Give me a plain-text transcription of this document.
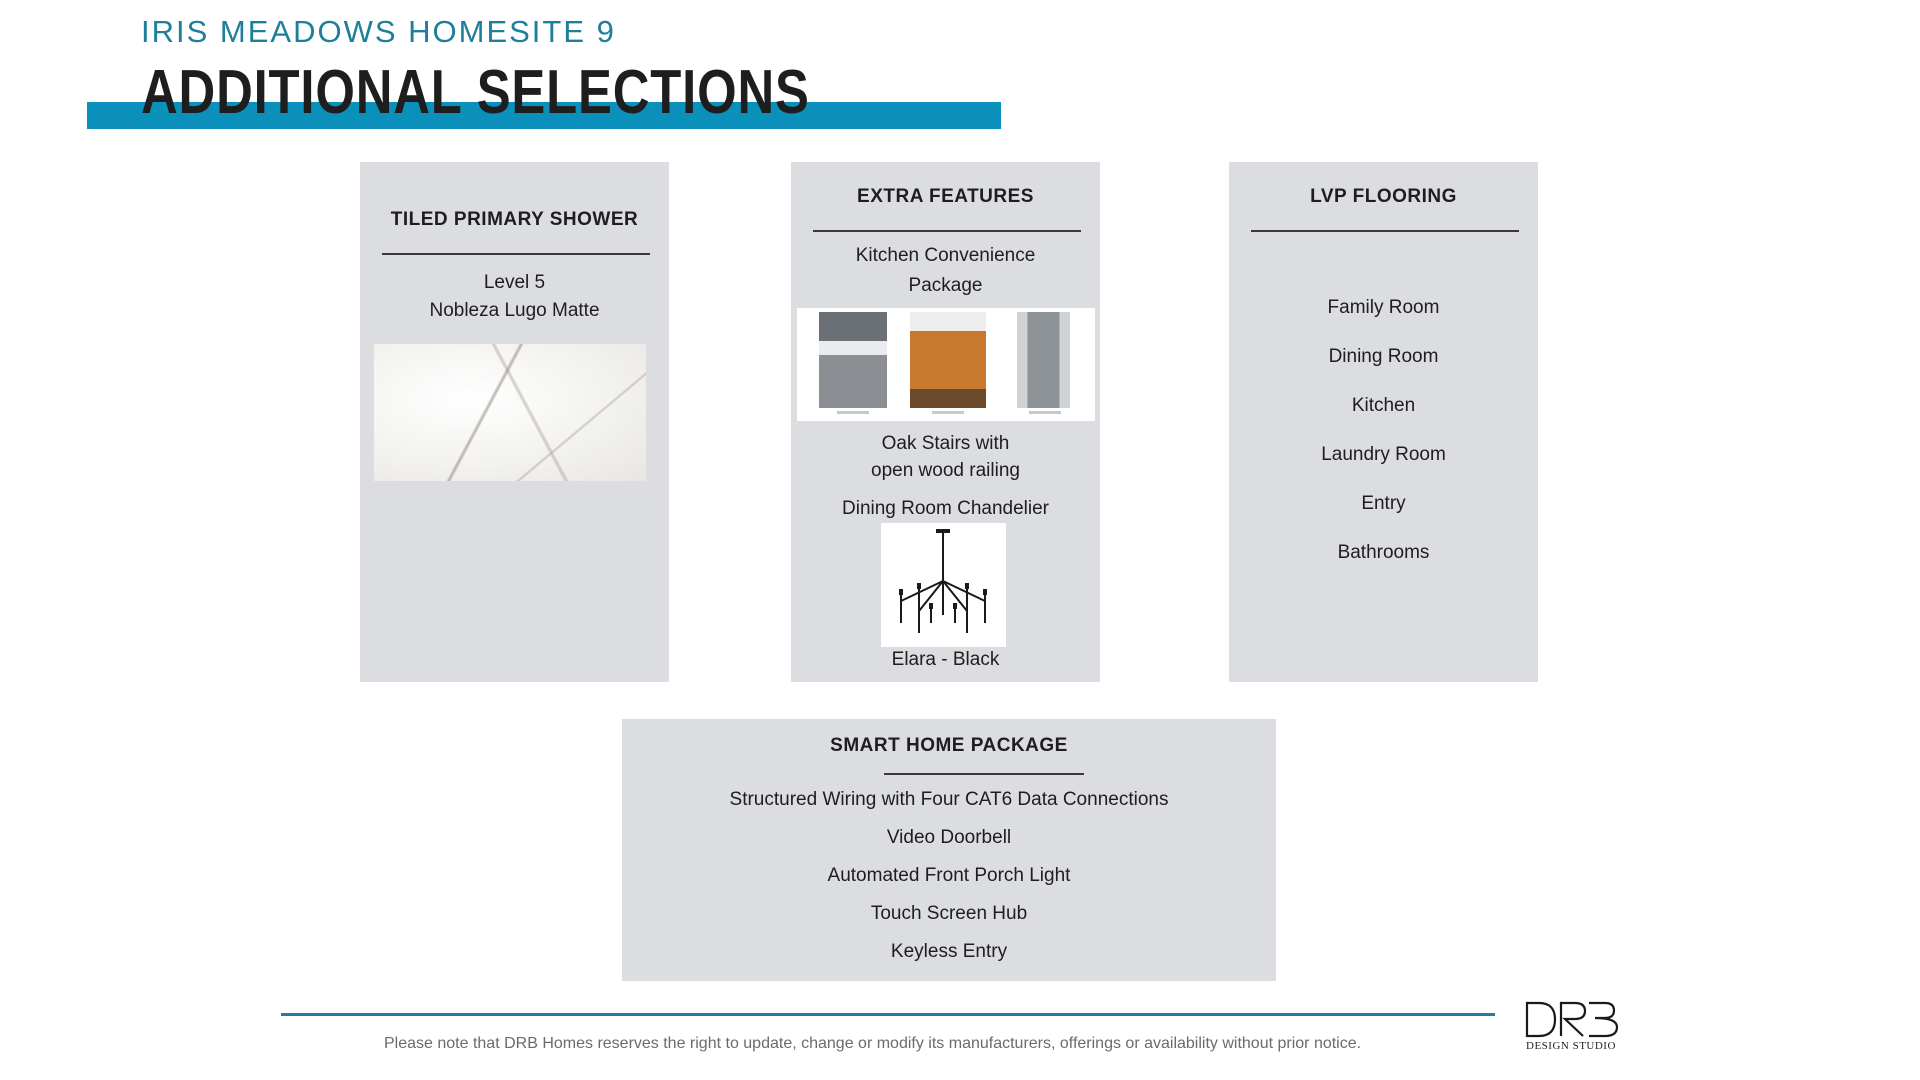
IRIS MEADOWS HOMESITE 9
ADDITIONAL SELECTIONS
TILED PRIMARY SHOWER
Level 5
Nobleza Lugo Matte
EXTRA FEATURES
Kitchen Convenience
Package
Oak Stairs with
open wood railing
Dining Room Chandelier
Elara - Black
LVP FLOORING
Family Room
Dining Room
Kitchen
Laundry Room
Entry
Bathrooms
SMART HOME PACKAGE
Structured Wiring with Four CAT6 Data Connections
Video Doorbell
Automated Front Porch Light
Touch Screen Hub
Keyless Entry
Please note that DRB Homes reserves the right to update, change or modify its manufacturers, offerings or availability without prior notice.	DESIGN STUDIO
